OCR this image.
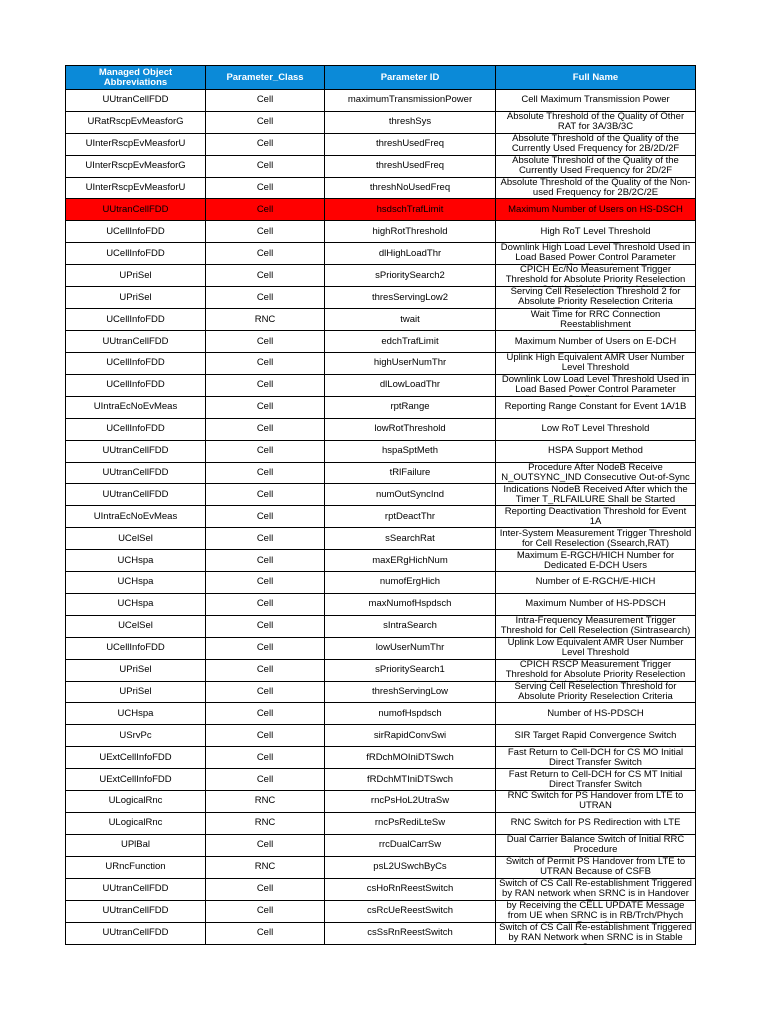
Managed Object Abbreviations	Parameter_Class	Parameter ID	Full Name

UUtranCellFDD	Cell	maximumTransmissionPower	Cell Maximum Transmission Power

URatRscpEvMeasforG	Cell	threshSys	Absolute Threshold of the Quality of Other RAT for 3A/3B/3C

UInterRscpEvMeasforU	Cell	threshUsedFreq	Absolute Threshold of the Quality of the Currently Used Frequency for 2B/2D/2F

UInterRscpEvMeasforG	Cell	threshUsedFreq	Absolute Threshold of the Quality of the Currently Used Frequency for 2D/2F

UInterRscpEvMeasforU	Cell	threshNoUsedFreq	Absolute Threshold of the Quality of the Non-used Frequency for 2B/2C/2E

UUtranCellFDD	Cell	hsdschTrafLimit	Maximum Number of Users on HS-DSCH

UCellInfoFDD	Cell	highRotThreshold	High RoT Level Threshold

UCellInfoFDD	Cell	dlHighLoadThr	Downlink High Load Level Threshold Used in Load Based Power Control Parameter

UPriSel	Cell	sPrioritySearch2	CPICH Ec/No Measurement Trigger Threshold for Absolute Priority Reselection

UPriSel	Cell	thresServingLow2	Serving Cell Reselection Threshold 2 for Absolute Priority Reselection Criteria

UCellInfoFDD	RNC	twait	Wait Time for RRC Connection Reestablishment

UUtranCellFDD	Cell	edchTrafLimit	Maximum Number of Users on E-DCH

UCellInfoFDD	Cell	highUserNumThr	Uplink High Equivalent AMR User Number Level Threshold

UCellInfoFDD	Cell	dlLowLoadThr	Downlink Low Load Level Threshold Used in Load Based Power Control Parameter

UIntraEcNoEvMeas	Cell	rptRange	Reporting Range Constant for Event 1A/1B

UCellInfoFDD	Cell	lowRotThreshold	Low RoT Level Threshold

UUtranCellFDD	Cell	hspaSptMeth	HSPA Support Method

UUtranCellFDD	Cell	tRlFailure	Procedure After NodeB Receive N_OUTSYNC_IND Consecutive Out-of-Sync

UUtranCellFDD	Cell	numOutSyncInd	Indications NodeB Received After which the Timer T_RLFAILURE Shall be Started

UIntraEcNoEvMeas	Cell	rptDeactThr	Reporting Deactivation Threshold for Event 1A

UCelSel	Cell	sSearchRat	Inter-System Measurement Trigger Threshold for Cell Reselection (Ssearch,RAT)

UCHspa	Cell	maxERgHichNum	Maximum E-RGCH/HICH Number for Dedicated E-DCH Users

UCHspa	Cell	numofErgHich	Number of E-RGCH/E-HICH

UCHspa	Cell	maxNumofHspdsch	Maximum Number of HS-PDSCH

UCelSel	Cell	sIntraSearch	Intra-Frequency Measurement Trigger Threshold for Cell Reselection (Sintrasearch)

UCellInfoFDD	Cell	lowUserNumThr	Uplink Low Equivalent AMR User Number Level Threshold

UPriSel	Cell	sPrioritySearch1	CPICH RSCP Measurement Trigger Threshold for Absolute Priority Reselection

UPriSel	Cell	threshServingLow	Serving Cell Reselection Threshold for Absolute Priority Reselection Criteria

UCHspa	Cell	numofHspdsch	Number of HS-PDSCH

USrvPc	Cell	sirRapidConvSwi	SIR Target Rapid Convergence Switch

UExtCellInfoFDD	Cell	fRDchMOIniDTSwch	Fast Return to Cell-DCH for CS MO Initial Direct Transfer Switch

UExtCellInfoFDD	Cell	fRDchMTIniDTSwch	Fast Return to Cell-DCH for CS MT Initial Direct Transfer Switch

ULogicalRnc	RNC	rncPsHoL2UtraSw	RNC Switch for PS Handover from LTE to UTRAN

ULogicalRnc	RNC	rncPsRediLteSw	RNC Switch for PS Redirection with LTE

UPlBal	Cell	rrcDualCarrSw	Dual Carrier Balance Switch of Initial RRC Procedure

URncFunction	RNC	psL2USwchByCs	Switch of Permit PS Handover from LTE to UTRAN Because of CSFB

UUtranCellFDD	Cell	csHoRnReestSwitch	Switch of CS Call Re-establishment Triggered by RAN network when SRNC is in Handover

UUtranCellFDD	Cell	csRcUeReestSwitch	by Receiving the CELL UPDATE Message from UE when SRNC is in RB/Trch/Phych

UUtranCellFDD	Cell	csSsRnReestSwitch	Switch of CS Call Re-establishment Triggered by RAN Network when SRNC is in Stable
